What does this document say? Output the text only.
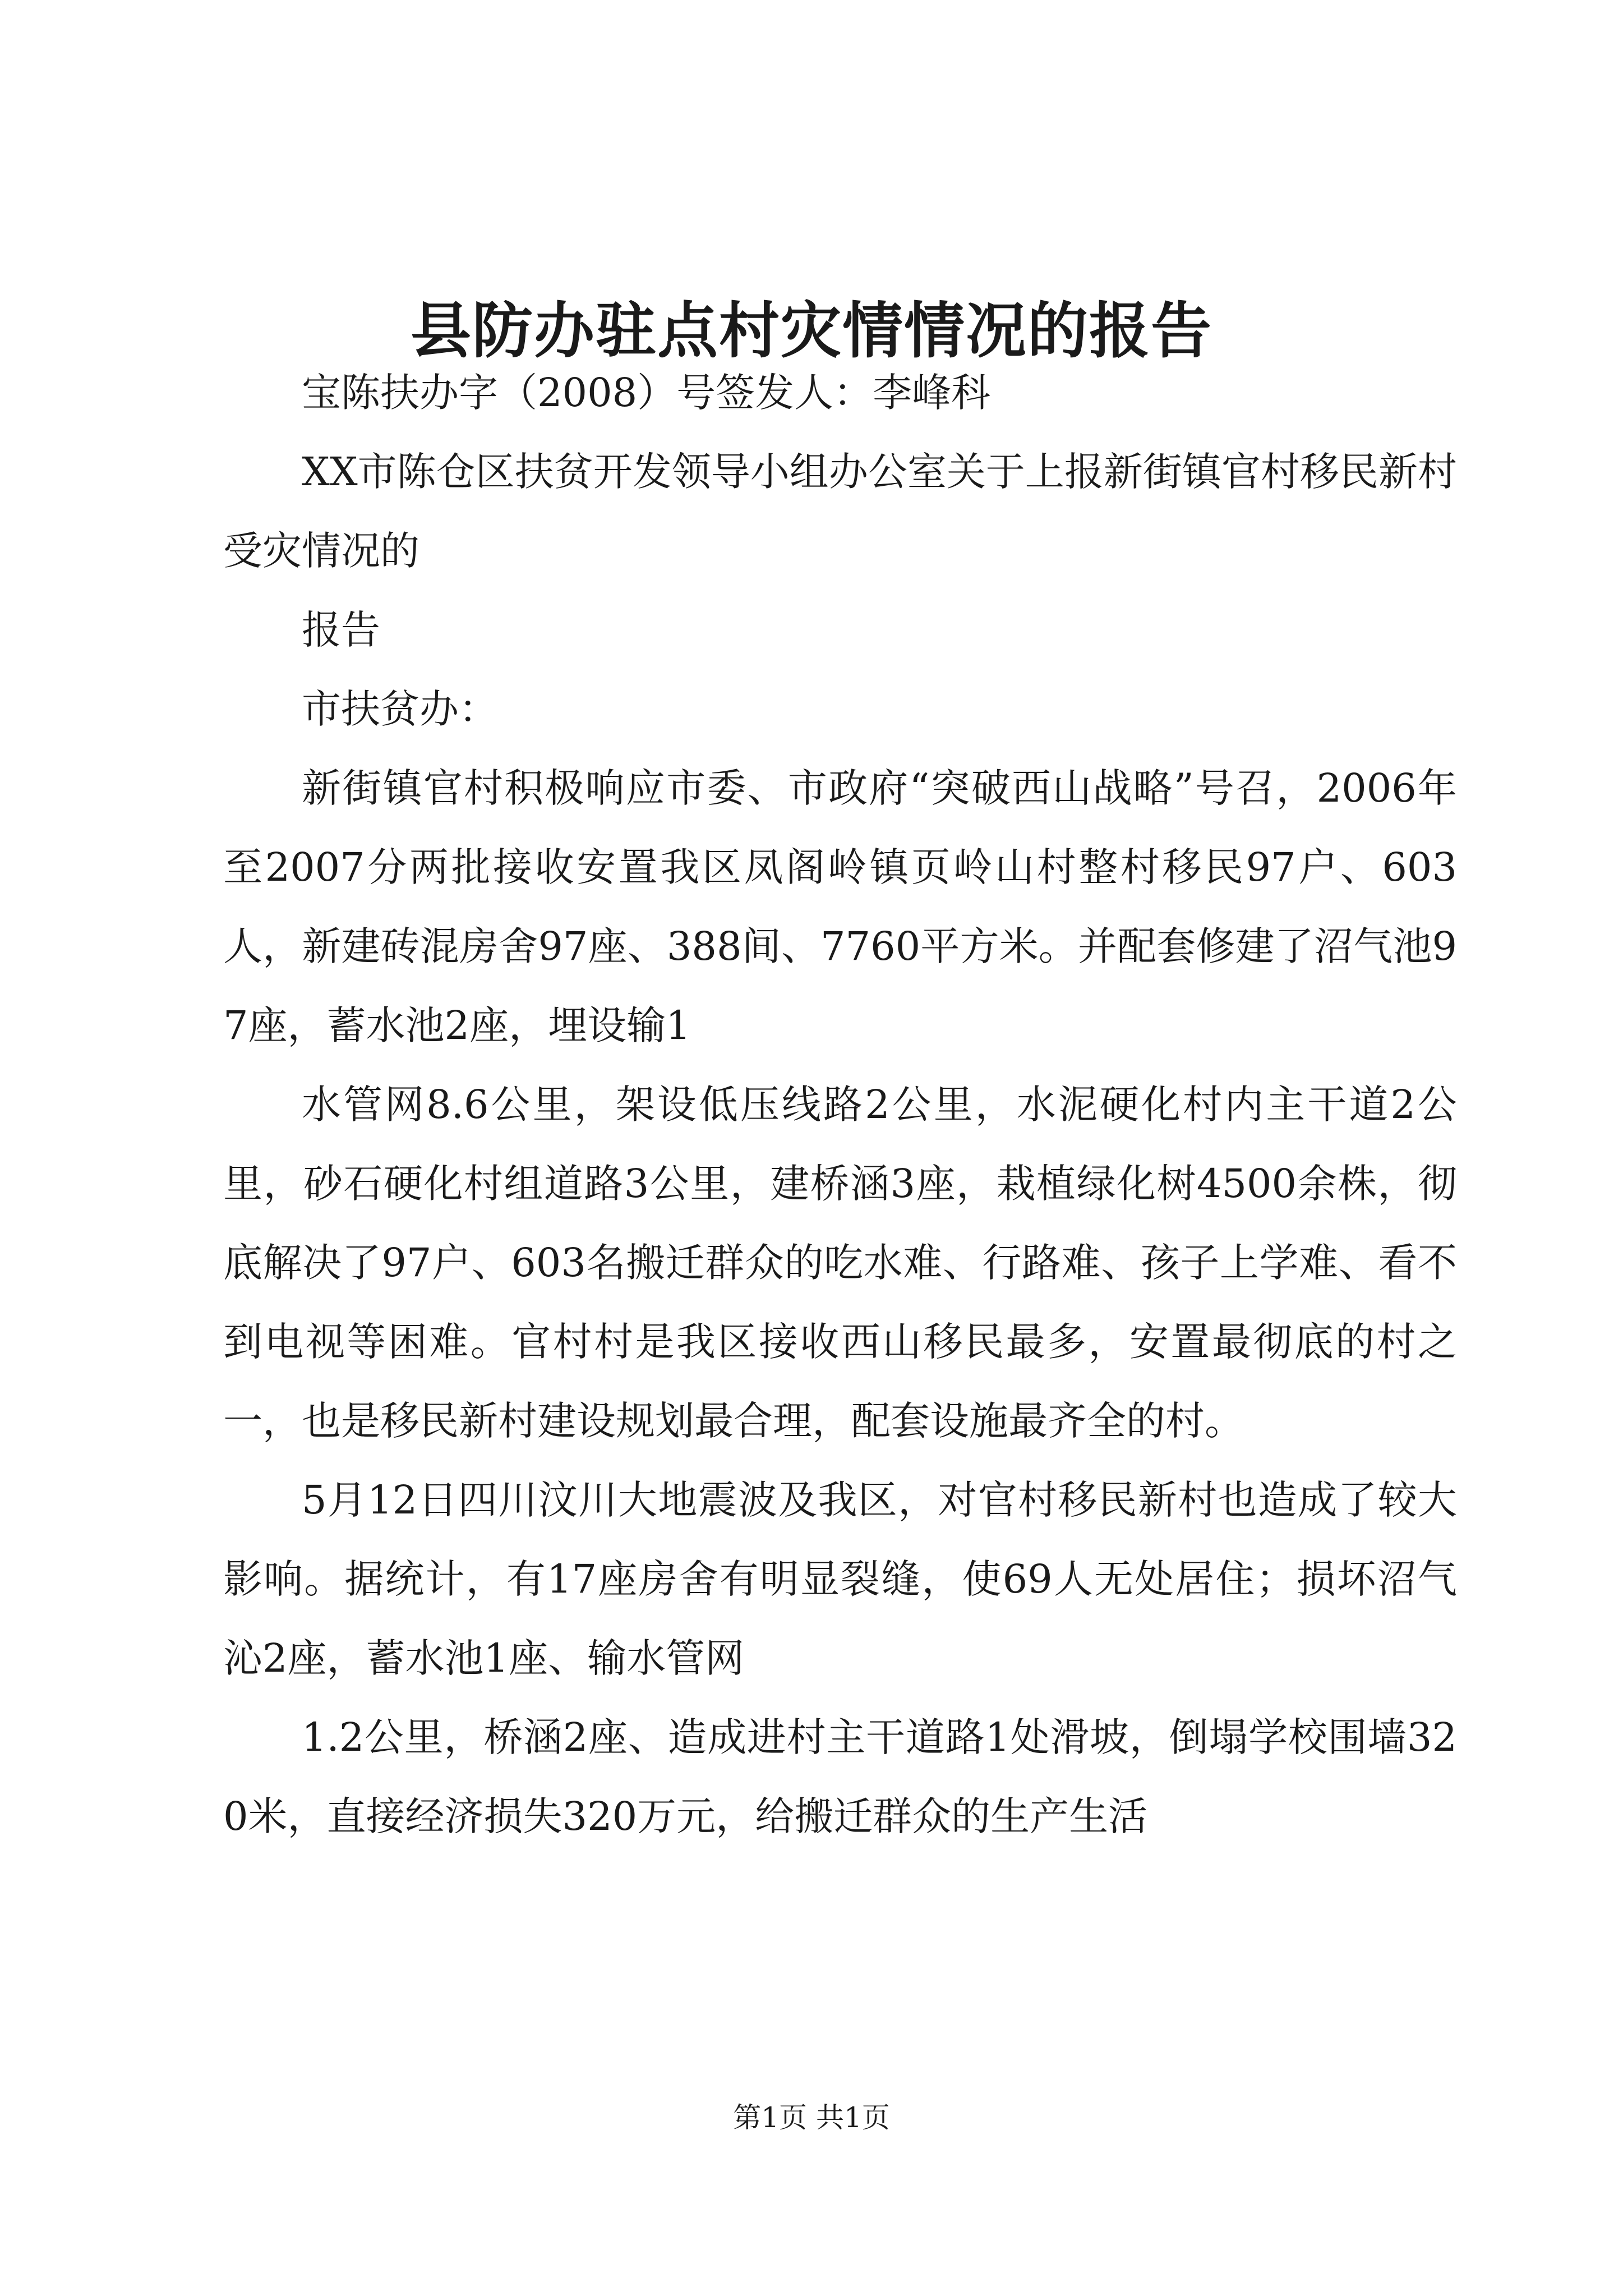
县防办驻点村灾情情况的报告

宝陈扶办字（2008）号签发人：李峰科

XX市陈仓区扶贫开发领导小组办公室关于上报新街镇官村移民新村受灾情况的

报告

市扶贫办：

新街镇官村积极响应市委、市政府“突破西山战略”号召，2006年至2007分两批接收安置我区凤阁岭镇页岭山村整村移民97户、603人，新建砖混房舍97座、388间、7760平方米。并配套修建了沼气池97座，蓄水池2座，埋设输1

水管网8.6公里，架设低压线路2公里，水泥硬化村内主干道2公里，砂石硬化村组道路3公里，建桥涵3座，栽植绿化树4500余株，彻底解决了97户、603名搬迁群众的吃水难、行路难、孩子上学难、看不到电视等困难。官村村是我区接收西山移民最多，安置最彻底的村之一，也是移民新村建设规划最合理，配套设施最齐全的村。

5月12日四川汶川大地震波及我区，对官村移民新村也造成了较大影响。据统计，有17座房舍有明显裂缝，使69人无处居住；损坏沼气沁2座，蓄水池1座、输水管网

1.2公里，桥涵2座、造成进村主干道路1处滑坡，倒塌学校围墙320米，直接经济损失320万元，给搬迁群众的生产生活

第1页 共1页
